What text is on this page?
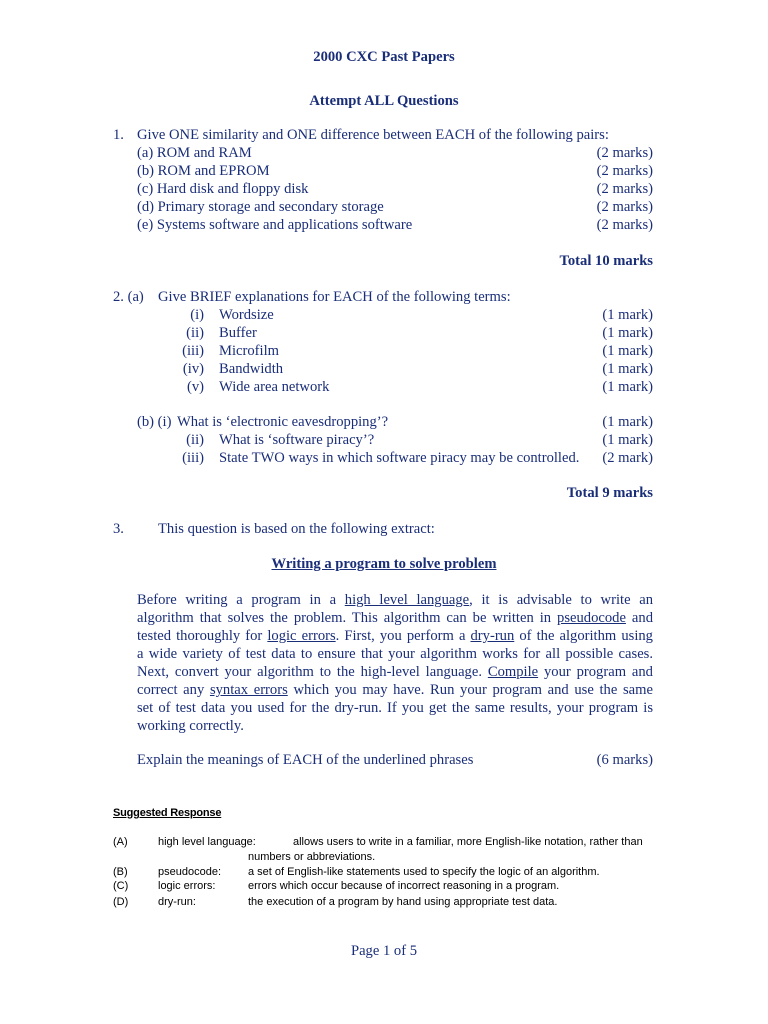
2000 CXC Past Papers
Attempt ALL Questions
1. Give ONE similarity and ONE difference between EACH of the following pairs:
(a) ROM and RAM	(2 marks)
(b) ROM and EPROM	(2 marks)
(c) Hard disk and floppy disk	(2 marks)
(d) Primary storage and secondary storage	(2 marks)
(e) Systems software and applications software	(2 marks)
Total 10 marks
2. (a) Give BRIEF explanations for EACH of the following terms:
(i) Wordsize	(1 mark)
(ii) Buffer	(1 mark)
(iii) Microfilm	(1 mark)
(iv) Bandwidth	(1 mark)
(v) Wide area network	(1 mark)
(b) (i) What is ‘electronic eavesdropping’?	(1 mark)
(ii) What is ‘software piracy’?	(1 mark)
(iii) State TWO ways in which software piracy may be controlled. (2 mark)
Total 9 marks
3. This question is based on the following extract:
Writing a program to solve problem
Before writing a program in a high level language, it is advisable to write an
algorithm that solves the problem. This algorithm can be written in pseudocode and
tested thoroughly for logic errors. First, you perform a dry-run of the algorithm using
a wide variety of test data to ensure that your algorithm works for all possible cases.
Next, convert your algorithm to the high-level language. Compile your program and
correct any syntax errors which you may have. Run your program and use the same
set of test data you used for the dry-run. If you get the same results, your program is
working correctly.
Explain the meanings of EACH of the underlined phrases	(6 marks)
Suggested Response
(A)	high level language:	allows users to write in a familiar, more English-like notation, rather than
numbers or abbreviations.
(B)	pseudocode: a set of English-like statements used to specify the logic of an algorithm.
(C)	logic errors:	errors which occur because of incorrect reasoning in a program.
(D)	dry-run:	the execution of a program by hand using appropriate test data.
Page 1 of 5
